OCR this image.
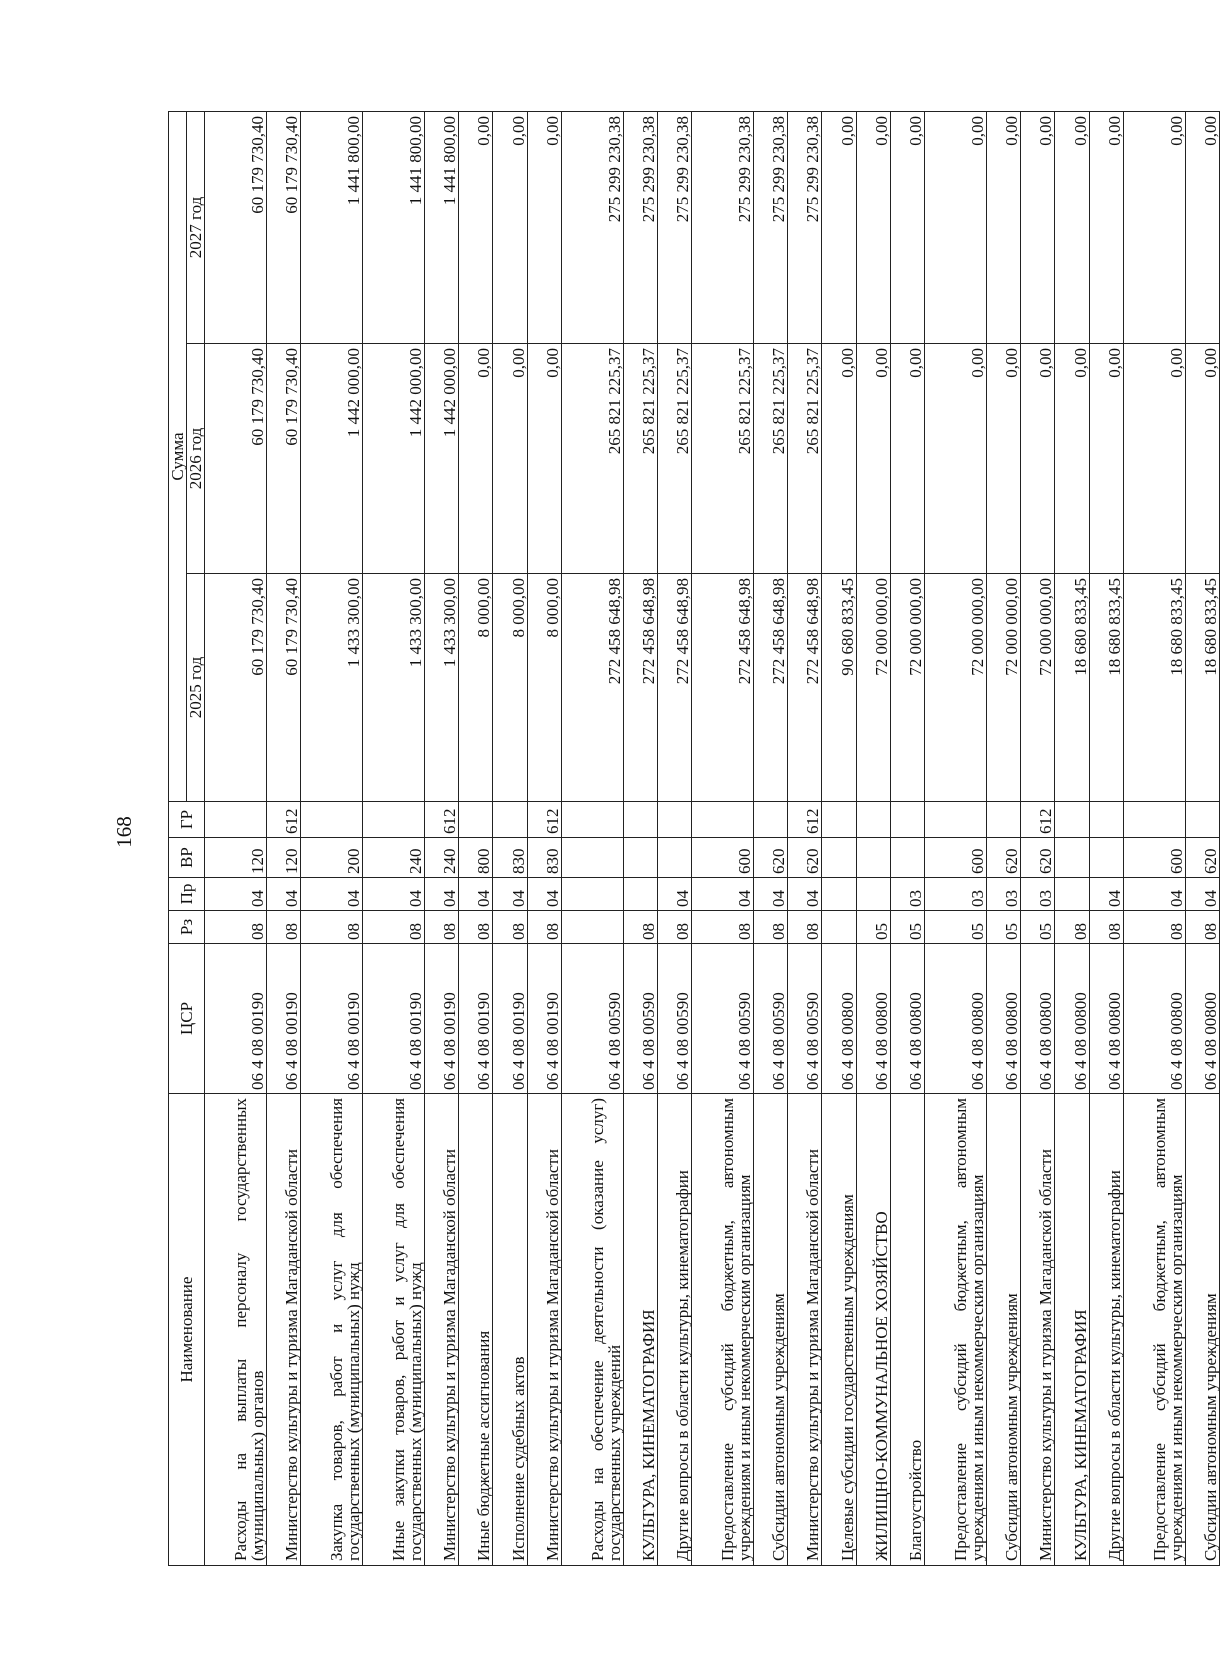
168
Наименование	ЦСР	Рз	Пр	ВР	ГР	Сумма		
						2025 год	2026 год	2027 год
Расходы на выплаты персоналу государственных (муниципальных) органов	06 4 08 00190	08	04	120		60 179 730,40	60 179 730,40	60 179 730,40
Министерство культуры и туризма Магаданской области	06 4 08 00190	08	04	120	612	60 179 730,40	60 179 730,40	60 179 730,40
Закупка товаров, работ и услуг для обеспечения государственных (муниципальных) нужд	06 4 08 00190	08	04	200		1 433 300,00	1 442 000,00	1 441 800,00
Иные закупки товаров, работ и услуг для обеспечения государственных (муниципальных) нужд	06 4 08 00190	08	04	240		1 433 300,00	1 442 000,00	1 441 800,00
Министерство культуры и туризма Магаданской области	06 4 08 00190	08	04	240	612	1 433 300,00	1 442 000,00	1 441 800,00
Иные бюджетные ассигнования	06 4 08 00190	08	04	800		8 000,00	0,00	0,00
Исполнение судебных актов	06 4 08 00190	08	04	830		8 000,00	0,00	0,00
Министерство культуры и туризма Магаданской области	06 4 08 00190	08	04	830	612	8 000,00	0,00	0,00
Расходы на обеспечение деятельности (оказание услуг) государственных учреждений	06 4 08 00590					272 458 648,98	265 821 225,37	275 299 230,38
КУЛЬТУРА, КИНЕМАТОГРАФИЯ	06 4 08 00590	08				272 458 648,98	265 821 225,37	275 299 230,38
Другие вопросы в области культуры, кинематографии	06 4 08 00590	08	04			272 458 648,98	265 821 225,37	275 299 230,38
Предоставление субсидий бюджетным, автономным учреждениям и иным некоммерческим организациям	06 4 08 00590	08	04	600		272 458 648,98	265 821 225,37	275 299 230,38
Субсидии автономным учреждениям	06 4 08 00590	08	04	620		272 458 648,98	265 821 225,37	275 299 230,38
Министерство культуры и туризма Магаданской области	06 4 08 00590	08	04	620	612	272 458 648,98	265 821 225,37	275 299 230,38
Целевые субсидии государственным учреждениям	06 4 08 00800					90 680 833,45	0,00	0,00
ЖИЛИЩНО-КОММУНАЛЬНОЕ ХОЗЯЙСТВО	06 4 08 00800	05				72 000 000,00	0,00	0,00
Благоустройство	06 4 08 00800	05	03			72 000 000,00	0,00	0,00
Предоставление субсидий бюджетным, автономным учреждениям и иным некоммерческим организациям	06 4 08 00800	05	03	600		72 000 000,00	0,00	0,00
Субсидии автономным учреждениям	06 4 08 00800	05	03	620		72 000 000,00	0,00	0,00
Министерство культуры и туризма Магаданской области	06 4 08 00800	05	03	620	612	72 000 000,00	0,00	0,00
КУЛЬТУРА, КИНЕМАТОГРАФИЯ	06 4 08 00800	08				18 680 833,45	0,00	0,00
Другие вопросы в области культуры, кинематографии	06 4 08 00800	08	04			18 680 833,45	0,00	0,00
Предоставление субсидий бюджетным, автономным учреждениям и иным некоммерческим организациям	06 4 08 00800	08	04	600		18 680 833,45	0,00	0,00
Субсидии автономным учреждениям	06 4 08 00800	08	04	620		18 680 833,45	0,00	0,00
